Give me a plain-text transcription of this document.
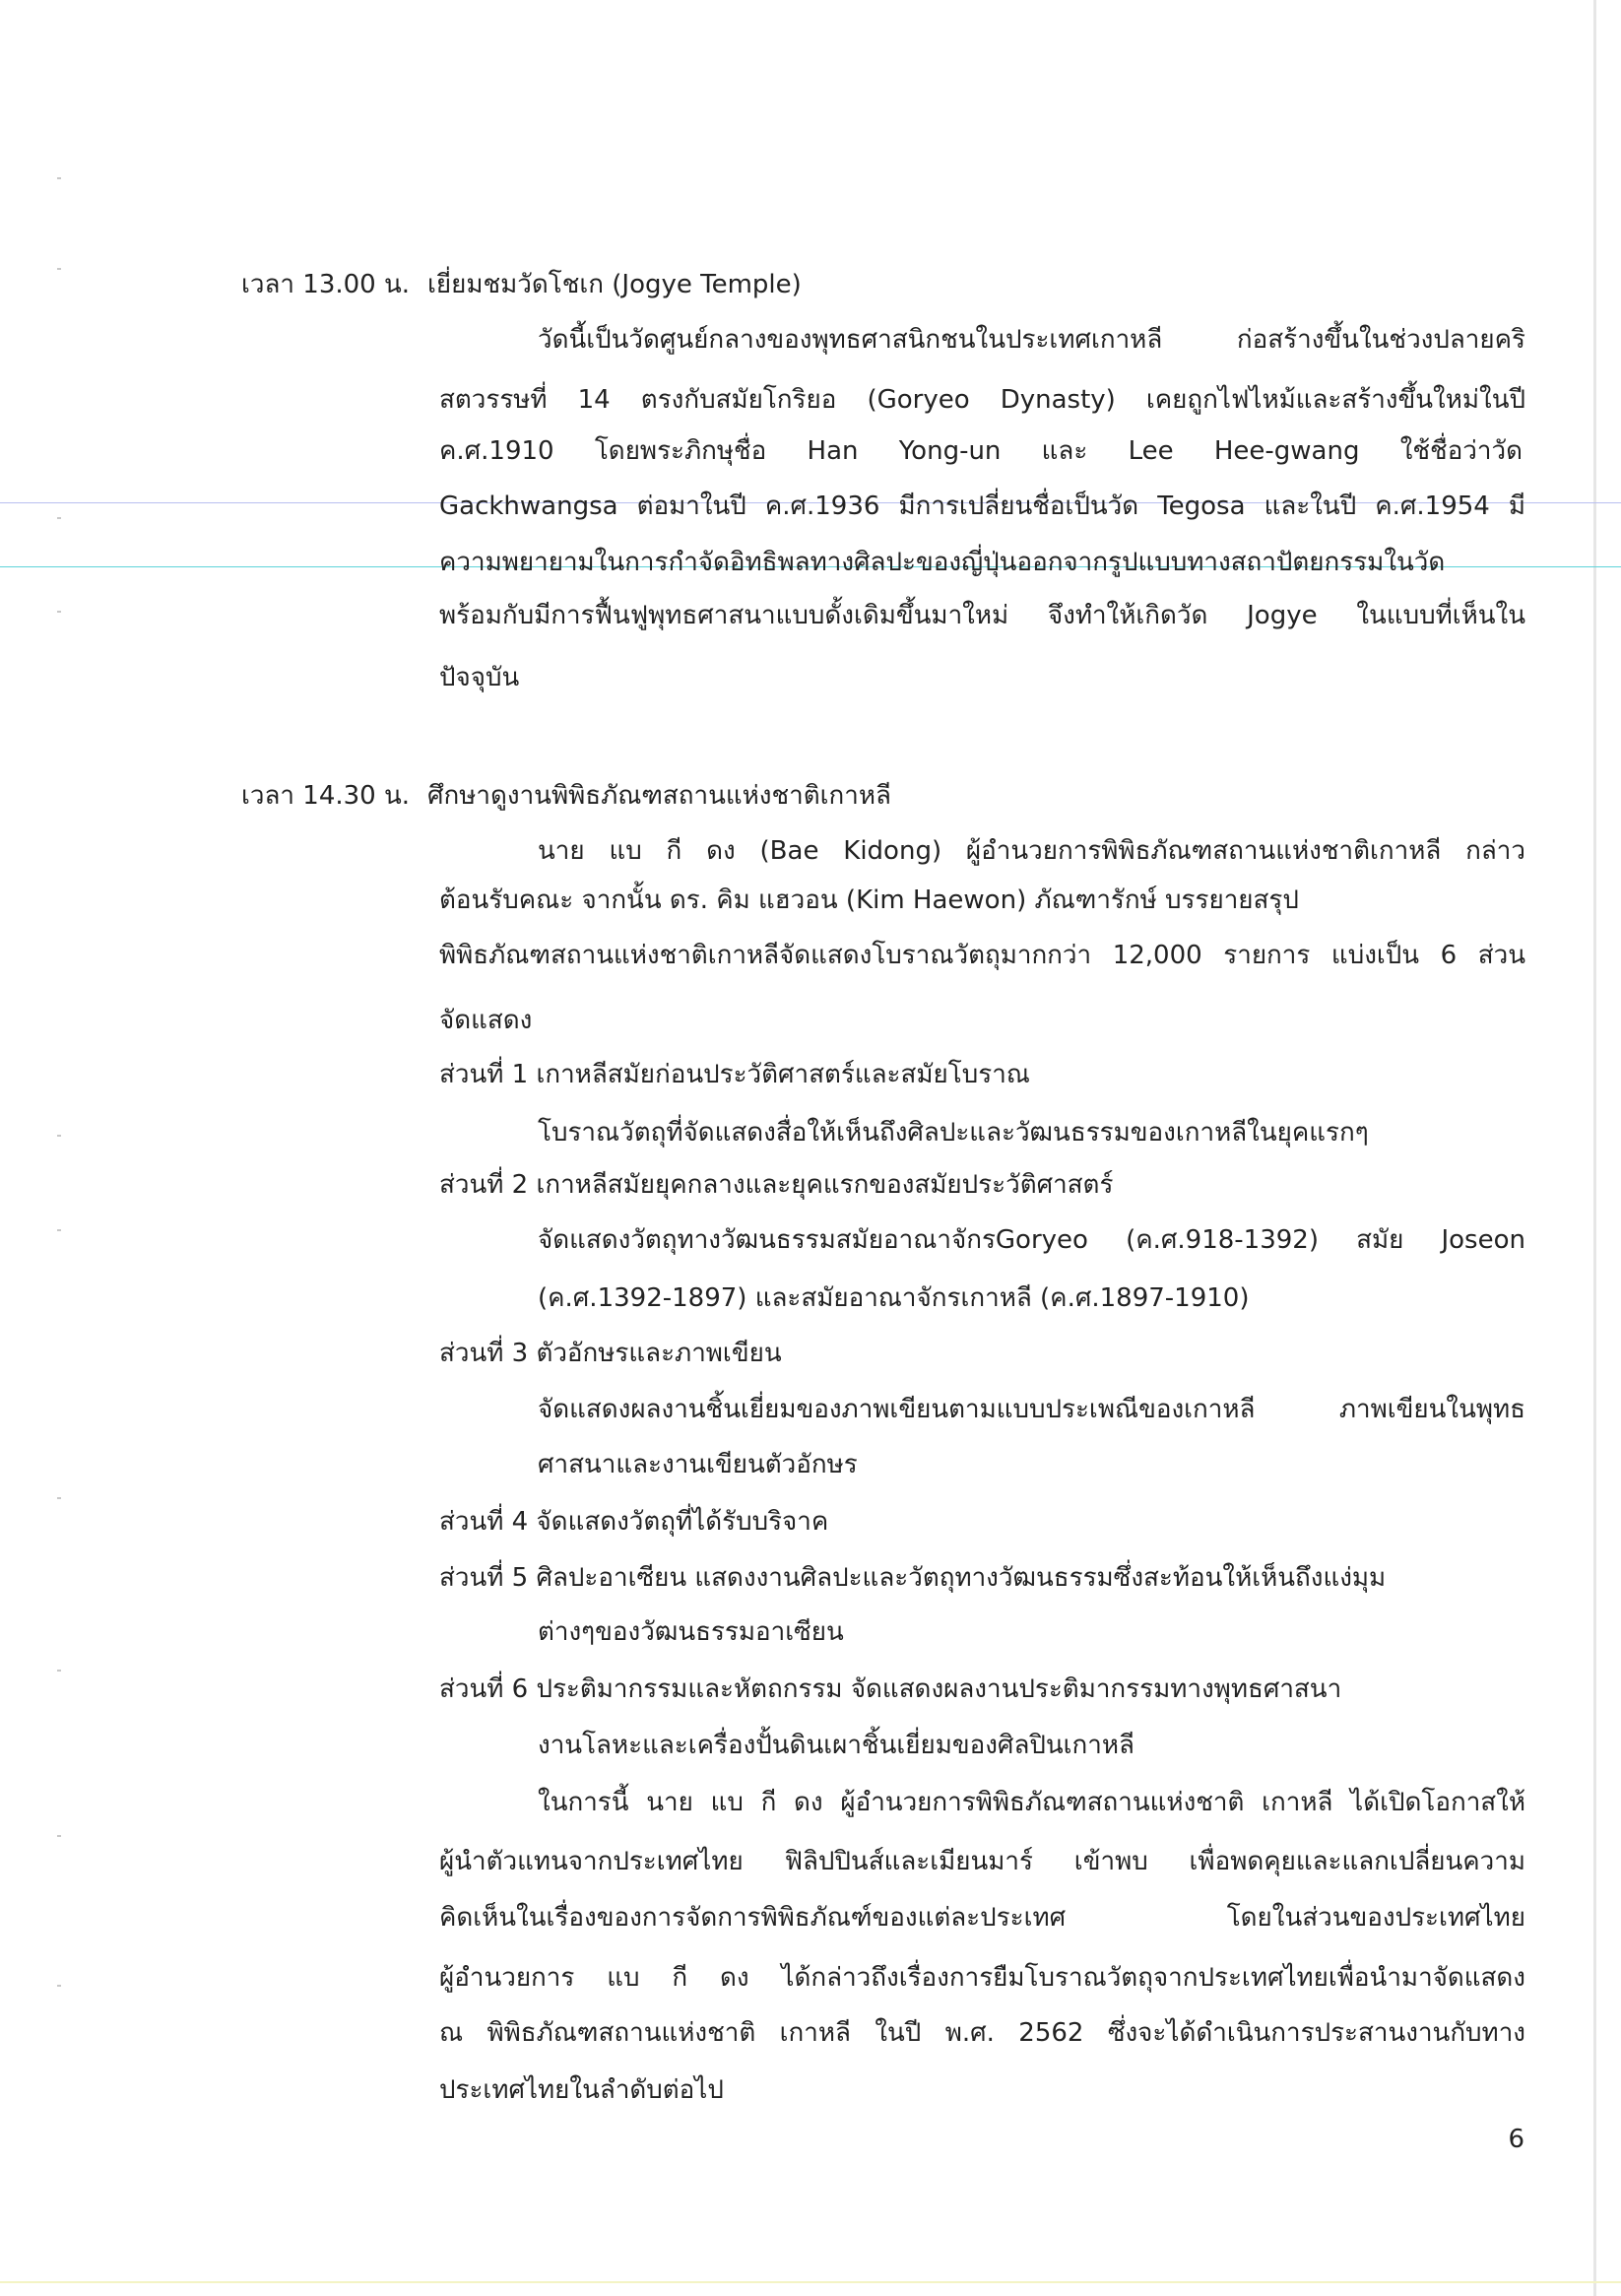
เวลา 13.00 น. เยี่ยมชมวัดโชเก (Jogye Temple)
วัดนี้เป็นวัดศูนย์กลางของพุทธศาสนิกชนในประเทศเกาหลี ก่อสร้างขึ้นในช่วงปลายคริ
สตวรรษที่ 14 ตรงกับสมัยโกริยอ (Goryeo Dynasty) เคยถูกไฟไหม้และสร้างขึ้นใหม่ในปี
ค.ศ.1910 โดยพระภิกษุชื่อ Han Yong-un และ Lee Hee-gwang ใช้ชื่อว่าวัด
Gackhwangsa ต่อมาในปี ค.ศ.1936 มีการเปลี่ยนชื่อเป็นวัด Tegosa และในปี ค.ศ.1954 มี
ความพยายามในการกำจัดอิทธิพลทางศิลปะของญี่ปุ่นออกจากรูปแบบทางสถาปัตยกรรมในวัด
พร้อมกับมีการฟื้นฟูพุทธศาสนาแบบดั้งเดิมขึ้นมาใหม่ จึงทำให้เกิดวัด Jogye ในแบบที่เห็นใน
ปัจจุบัน
เวลา 14.30 น. ศึกษาดูงานพิพิธภัณฑสถานแห่งชาติเกาหลี
นาย แบ กี ดง (Bae Kidong) ผู้อำนวยการพิพิธภัณฑสถานแห่งชาติเกาหลี กล่าว
ต้อนรับคณะ จากนั้น ดร. คิม แฮวอน (Kim Haewon) ภัณฑารักษ์ บรรยายสรุป
พิพิธภัณฑสถานแห่งชาติเกาหลีจัดแสดงโบราณวัตถุมากกว่า 12,000 รายการ แบ่งเป็น 6 ส่วน
จัดแสดง
ส่วนที่ 1 เกาหลีสมัยก่อนประวัติศาสตร์และสมัยโบราณ
โบราณวัตถุที่จัดแสดงสื่อให้เห็นถึงศิลปะและวัฒนธรรมของเกาหลีในยุคแรกๆ
ส่วนที่ 2 เกาหลีสมัยยุคกลางและยุคแรกของสมัยประวัติศาสตร์
จัดแสดงวัตถุทางวัฒนธรรมสมัยอาณาจักรGoryeo (ค.ศ.918-1392) สมัย Joseon
(ค.ศ.1392-1897) และสมัยอาณาจักรเกาหลี (ค.ศ.1897-1910)
ส่วนที่ 3 ตัวอักษรและภาพเขียน
จัดแสดงผลงานชิ้นเยี่ยมของภาพเขียนตามแบบประเพณีของเกาหลี ภาพเขียนในพุทธ
ศาสนาและงานเขียนตัวอักษร
ส่วนที่ 4 จัดแสดงวัตถุที่ได้รับบริจาค
ส่วนที่ 5 ศิลปะอาเซียน แสดงงานศิลปะและวัตถุทางวัฒนธรรมซึ่งสะท้อนให้เห็นถึงแง่มุม
ต่างๆของวัฒนธรรมอาเซียน
ส่วนที่ 6 ประติมากรรมและหัตถกรรม จัดแสดงผลงานประติมากรรมทางพุทธศาสนา
งานโลหะและเครื่องปั้นดินเผาชิ้นเยี่ยมของศิลปินเกาหลี
ในการนี้ นาย แบ กี ดง ผู้อำนวยการพิพิธภัณฑสถานแห่งชาติ เกาหลี ได้เปิดโอกาสให้
ผู้นำตัวแทนจากประเทศไทย ฟิลิปปินส์และเมียนมาร์ เข้าพบ เพื่อพดคุยและแลกเปลี่ยนความ
คิดเห็นในเรื่องของการจัดการพิพิธภัณฑ์ของแต่ละประเทศ โดยในส่วนของประเทศไทย
ผู้อำนวยการ แบ กี ดง ได้กล่าวถึงเรื่องการยืมโบราณวัตถุจากประเทศไทยเพื่อนำมาจัดแสดง
ณ พิพิธภัณฑสถานแห่งชาติ เกาหลี ในปี พ.ศ. 2562 ซึ่งจะได้ดำเนินการประสานงานกับทาง
ประเทศไทยในลำดับต่อไป
6
